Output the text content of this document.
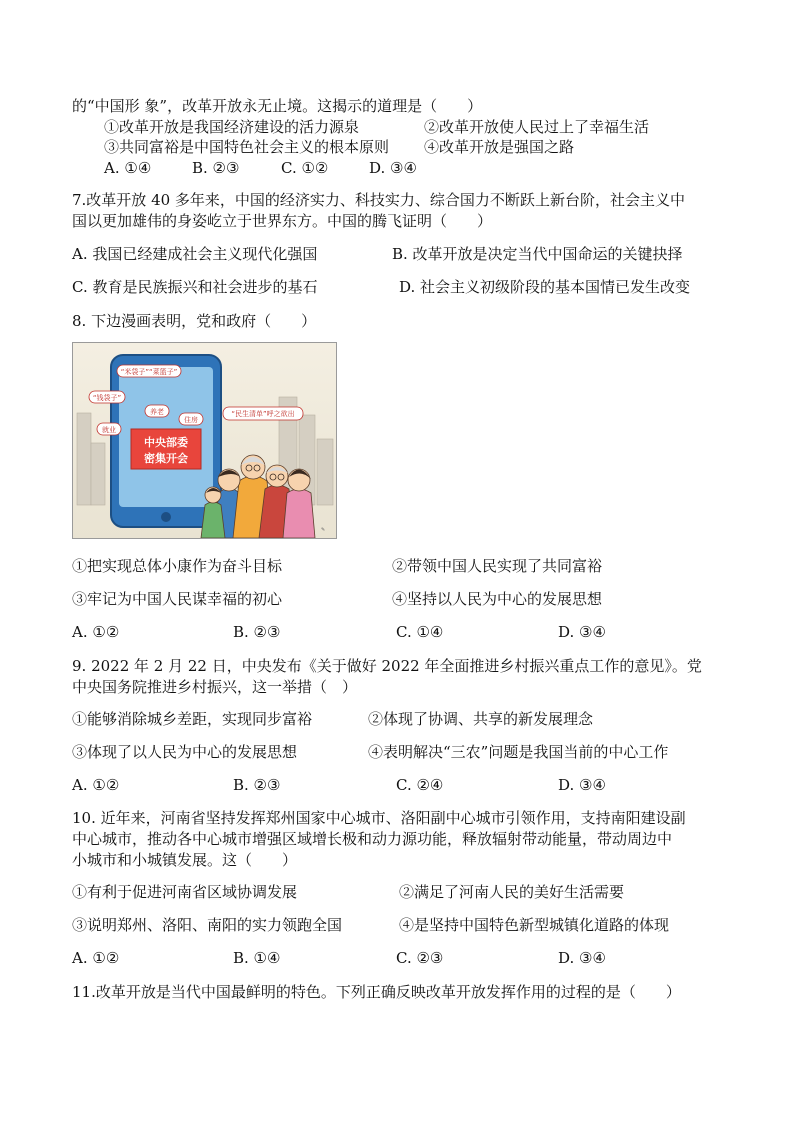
的“中国形 象”，改革开放永无止境。这揭示的道理是（　　）
①改革开放是我国经济建设的活力源泉	②改革开放使人民过上了幸福生活
③共同富裕是中国特色社会主义的根本原则 ④改革开放是强国之路
A. ①④	B. ②③	C. ①②	D. ③④
7.改革开放 40 多年来，中国的经济实力、科技实力、综合国力不断跃上新台阶，社会主义中
国以更加雄伟的身姿屹立于世界东方。中国的腾飞证明（　　）
A. 我国已经建成社会主义现代化强国	B. 改革开放是决定当代中国命运的关键抉择
C. 教育是民族振兴和社会进步的基石	D. 社会主义初级阶段的基本国情已发生改变
8. 下边漫画表明，党和政府（　　）
中央部委
密集开会
“米袋子”“菜篮子”
“钱袋子”
养老
住房
就业
“民生清单”呼之欲出
✎
①把实现总体小康作为奋斗目标	②带领中国人民实现了共同富裕
③牢记为中国人民谋幸福的初心	④坚持以人民为中心的发展思想
A. ①②	B. ②③	C. ①④	D. ③④
9. 2022 年 2 月 22 日，中央发布《关于做好 2022 年全面推进乡村振兴重点工作的意见》。党
中央国务院推进乡村振兴，这一举措（　）
①能够消除城乡差距，实现同步富裕	②体现了协调、共享的新发展理念
③体现了以人民为中心的发展思想	④表明解决“三农”问题是我国当前的中心工作
A. ①②	B. ②③	C. ②④	D. ③④
10. 近年来，河南省坚持发挥郑州国家中心城市、洛阳副中心城市引领作用，支持南阳建设副
中心城市，推动各中心城市增强区域增长极和动力源功能，释放辐射带动能量，带动周边中
小城市和小城镇发展。这（　　）
①有利于促进河南省区域协调发展	②满足了河南人民的美好生活需要
③说明郑州、洛阳、南阳的实力领跑全国	④是坚持中国特色新型城镇化道路的体现
A. ①②	B. ①④	C. ②③	D. ③④
11.改革开放是当代中国最鲜明的特色。下列正确反映改革开放发挥作用的过程的是（　　）
